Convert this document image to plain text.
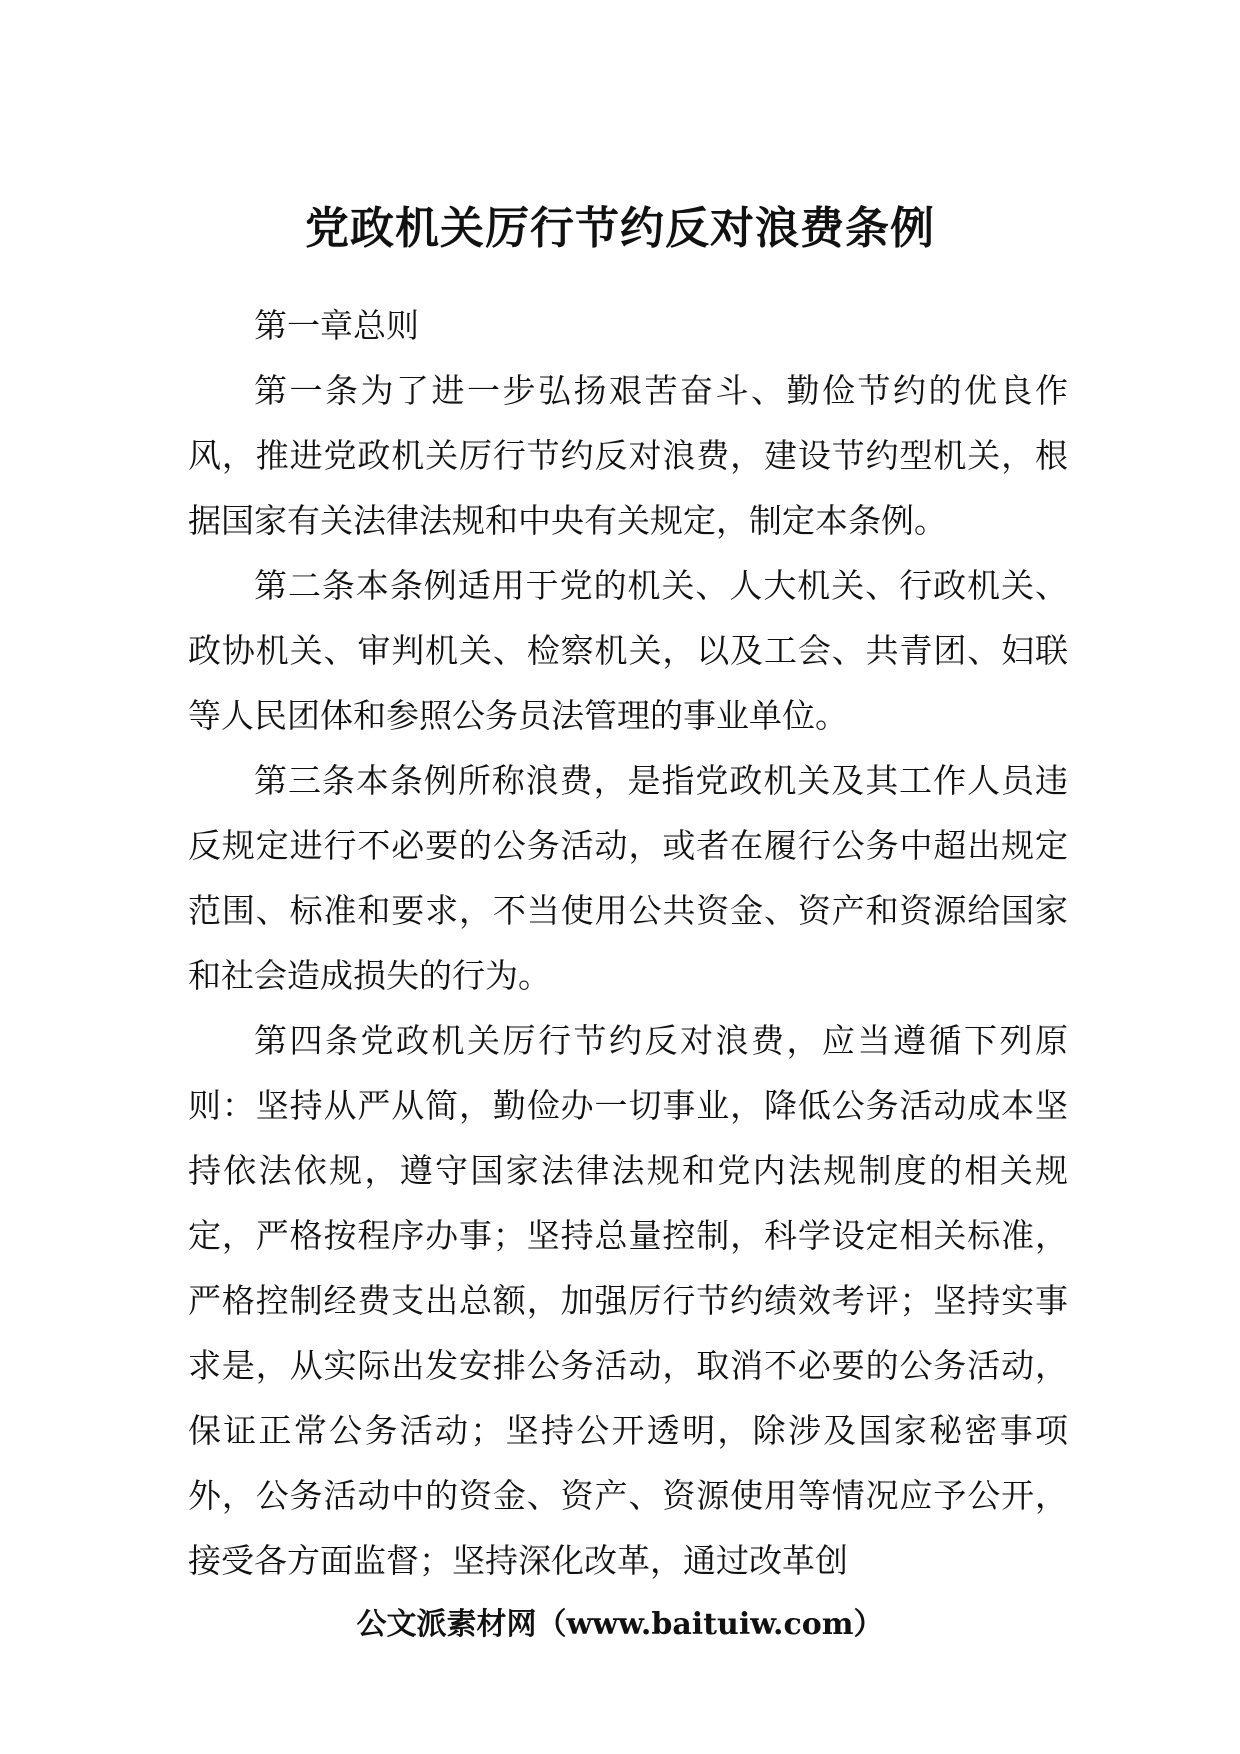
党政机关厉行节约反对浪费条例

第一章总则

第一条为了进一步弘扬艰苦奋斗、勤俭节约的优良作风，推进党政机关厉行节约反对浪费，建设节约型机关，根据国家有关法律法规和中央有关规定，制定本条例。

第二条本条例适用于党的机关、人大机关、行政机关、政协机关、审判机关、检察机关，以及工会、共青团、妇联等人民团体和参照公务员法管理的事业单位。

第三条本条例所称浪费，是指党政机关及其工作人员违反规定进行不必要的公务活动，或者在履行公务中超出规定范围、标准和要求，不当使用公共资金、资产和资源给国家和社会造成损失的行为。

第四条党政机关厉行节约反对浪费，应当遵循下列原则：坚持从严从简，勤俭办一切事业，降低公务活动成本坚持依法依规，遵守国家法律法规和党内法规制度的相关规定，严格按程序办事；坚持总量控制，科学设定相关标准，严格控制经费支出总额，加强厉行节约绩效考评；坚持实事求是，从实际出发安排公务活动，取消不必要的公务活动，保证正常公务活动；坚持公开透明，除涉及国家秘密事项外，公务活动中的资金、资产、资源使用等情况应予公开，接受各方面监督；坚持深化改革，通过改革创

公文派素材网（www.baituiw.com）
